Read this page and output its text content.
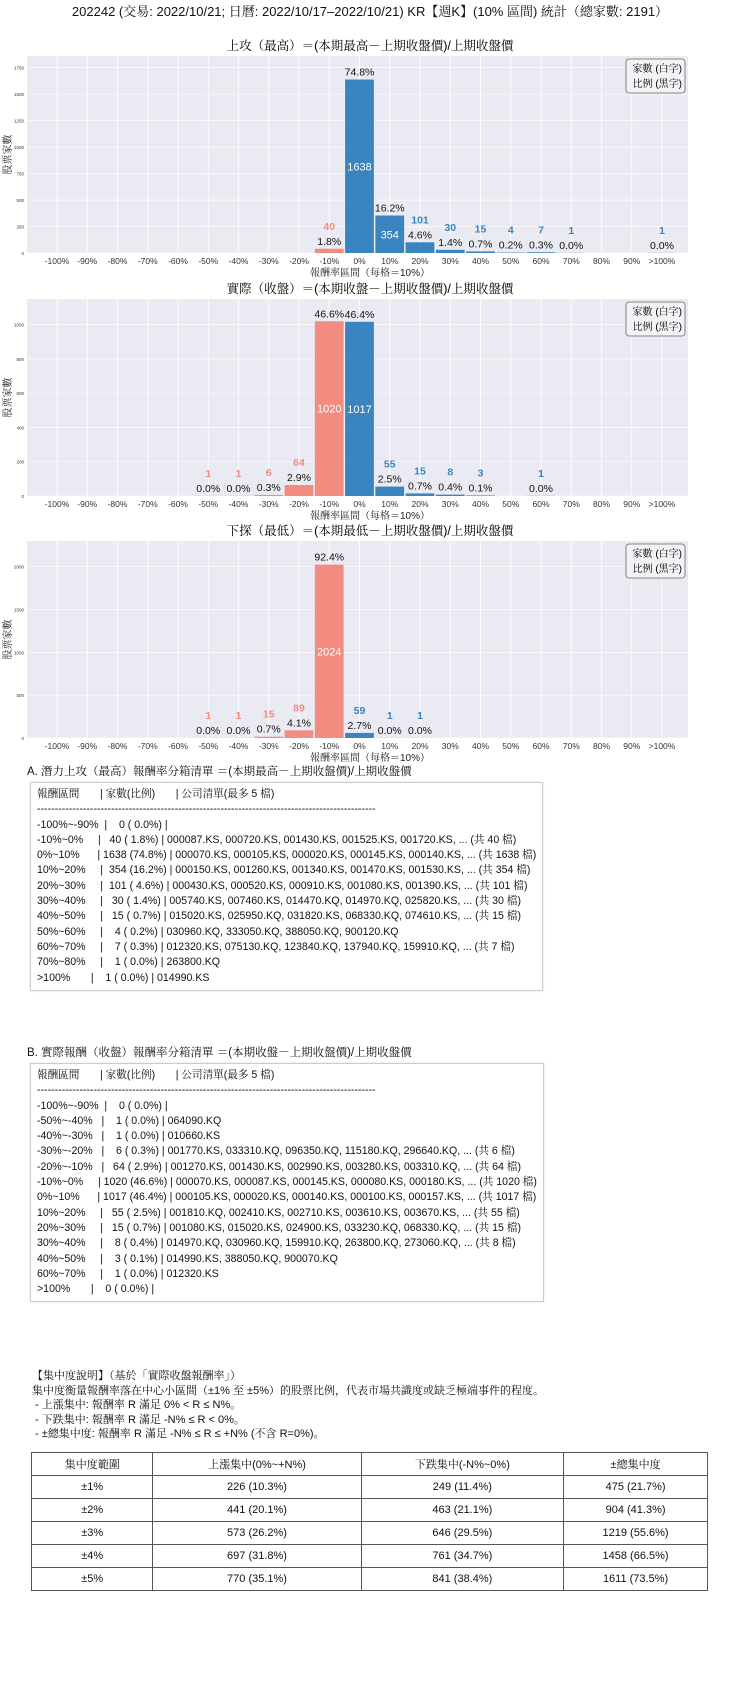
202242 (交易: 2022/10/21; 日曆: 2022/10/17–2022/10/21) KR【週K】(10% 區間) 統計（總家數: 2191）
上攻（最高）＝(本期最高－上期收盤價)/上期收盤價
0
250
500
750
1000
1250
1500
1750
-100% -90% -80% -70% -60% -50% -40% -30% -20% -10%
1.8%
40
0%
74.8%
1638
10%
16.2%
354
20%
4.6%
101
30%
1.4%
30
40%
0.7%
15
50%
0.2%
4
60%
0.3%
7
70%
0.0%
1
80% 90% >100%
0.0%
1
報酬率區間（每格＝10%）
股票家數
家數 (白字)
比例 (黑字)
實際（收盤）＝(本期收盤－上期收盤價)/上期收盤價
0
200
400
600
800
1000
-100% -90% -80% -70% -60% -50%
0.0%
1
-40%
0.0%
1
-30%
0.3%
6
-20%
2.9%
64
-10%
46.6%
1020
0%
46.4%
1017
10%
2.5%
55
20%
0.7%
15
30%
0.4%
8
40%
0.1%
3
50% 60%
0.0%
1
70% 80% 90% >100%
報酬率區間（每格＝10%）
股票家數
家數 (白字)
比例 (黑字)
下探（最低）＝(本期最低－上期收盤價)/上期收盤價
0
500
1000
1500
2000
-100% -90% -80% -70% -60% -50%
0.0%
1
-40%
0.0%
1
-30%
0.7%
15
-20%
4.1%
89
-10%
92.4%
2024
0%
2.7%
59
10%
0.0%
1
20%
0.0%
1
30% 40% 50% 60% 70% 80% 90% >100%
報酬率區間（每格＝10%）
股票家數
家數 (白字)
比例 (黑字)
A. 潛力上攻（最高）報酬率分箱清單 ＝(本期最高－上期收盤價)/上期收盤價
報酬區間       | 家數(比例)       | 公司清單(最多 5 檔)
------------------------------------------------------------------------------------------------
-100%~-90%  |    0 ( 0.0%) |
-10%~0%     |   40 ( 1.8%) | 000087.KS, 000720.KS, 001430.KS, 001525.KS, 001720.KS, ... (共 40 檔)
0%~10%      | 1638 (74.8%) | 000070.KS, 000105.KS, 000020.KS, 000145.KS, 000140.KS, ... (共 1638 檔)
10%~20%     |  354 (16.2%) | 000150.KS, 001260.KS, 001340.KS, 001470.KS, 001530.KS, ... (共 354 檔)
20%~30%     |  101 ( 4.6%) | 000430.KS, 000520.KS, 000910.KS, 001080.KS, 001390.KS, ... (共 101 檔)
30%~40%     |   30 ( 1.4%) | 005740.KS, 007460.KS, 014470.KQ, 014970.KQ, 025820.KS, ... (共 30 檔)
40%~50%     |   15 ( 0.7%) | 015020.KS, 025950.KQ, 031820.KS, 068330.KQ, 074610.KS, ... (共 15 檔)
50%~60%     |    4 ( 0.2%) | 030960.KQ, 333050.KQ, 388050.KQ, 900120.KQ
60%~70%     |    7 ( 0.3%) | 012320.KS, 075130.KQ, 123840.KQ, 137940.KQ, 159910.KQ, ... (共 7 檔)
70%~80%     |    1 ( 0.0%) | 263800.KQ
>100%       |    1 ( 0.0%) | 014990.KS
B. 實際報酬（收盤）報酬率分箱清單 ＝(本期收盤－上期收盤價)/上期收盤價
報酬區間       | 家數(比例)       | 公司清單(最多 5 檔)
------------------------------------------------------------------------------------------------
-100%~-90%  |    0 ( 0.0%) |
-50%~-40%   |    1 ( 0.0%) | 064090.KQ
-40%~-30%   |    1 ( 0.0%) | 010660.KS
-30%~-20%   |    6 ( 0.3%) | 001770.KS, 033310.KQ, 096350.KQ, 115180.KQ, 296640.KQ, ... (共 6 檔)
-20%~-10%   |   64 ( 2.9%) | 001270.KS, 001430.KS, 002990.KS, 003280.KS, 003310.KQ, ... (共 64 檔)
-10%~0%     | 1020 (46.6%) | 000070.KS, 000087.KS, 000145.KS, 000080.KS, 000180.KS, ... (共 1020 檔)
0%~10%      | 1017 (46.4%) | 000105.KS, 000020.KS, 000140.KS, 000100.KS, 000157.KS, ... (共 1017 檔)
10%~20%     |   55 ( 2.5%) | 001810.KQ, 002410.KS, 002710.KS, 003610.KS, 003670.KS, ... (共 55 檔)
20%~30%     |   15 ( 0.7%) | 001080.KS, 015020.KS, 024900.KS, 033230.KQ, 068330.KQ, ... (共 15 檔)
30%~40%     |    8 ( 0.4%) | 014970.KQ, 030960.KQ, 159910.KQ, 263800.KQ, 273060.KQ, ... (共 8 檔)
40%~50%     |    3 ( 0.1%) | 014990.KS, 388050.KQ, 900070.KQ
60%~70%     |    1 ( 0.0%) | 012320.KS
>100%       |    0 ( 0.0%) |
【集中度說明】（基於「實際收盤報酬率」）
集中度衡量報酬率落在中心小區間（±1% 至 ±5%）的股票比例，代表市場共識度或缺乏極端事件的程度。
- 上漲集中: 報酬率 R 滿足 0% < R ≤ N%。
- 下跌集中: 報酬率 R 滿足 -N% ≤ R < 0%。
- ±總集中度: 報酬率 R 滿足 -N% ≤ R ≤ +N% (不含 R=0%)。
集中度範圍	上漲集中(0%~+N%)	下跌集中(-N%~0%)	±總集中度
±1%	226 (10.3%)	249 (11.4%)	475 (21.7%)
±2%	441 (20.1%)	463 (21.1%)	904 (41.3%)
±3%	573 (26.2%)	646 (29.5%)	1219 (55.6%)
±4%	697 (31.8%)	761 (34.7%)	1458 (66.5%)
±5%	770 (35.1%)	841 (38.4%)	1611 (73.5%)
